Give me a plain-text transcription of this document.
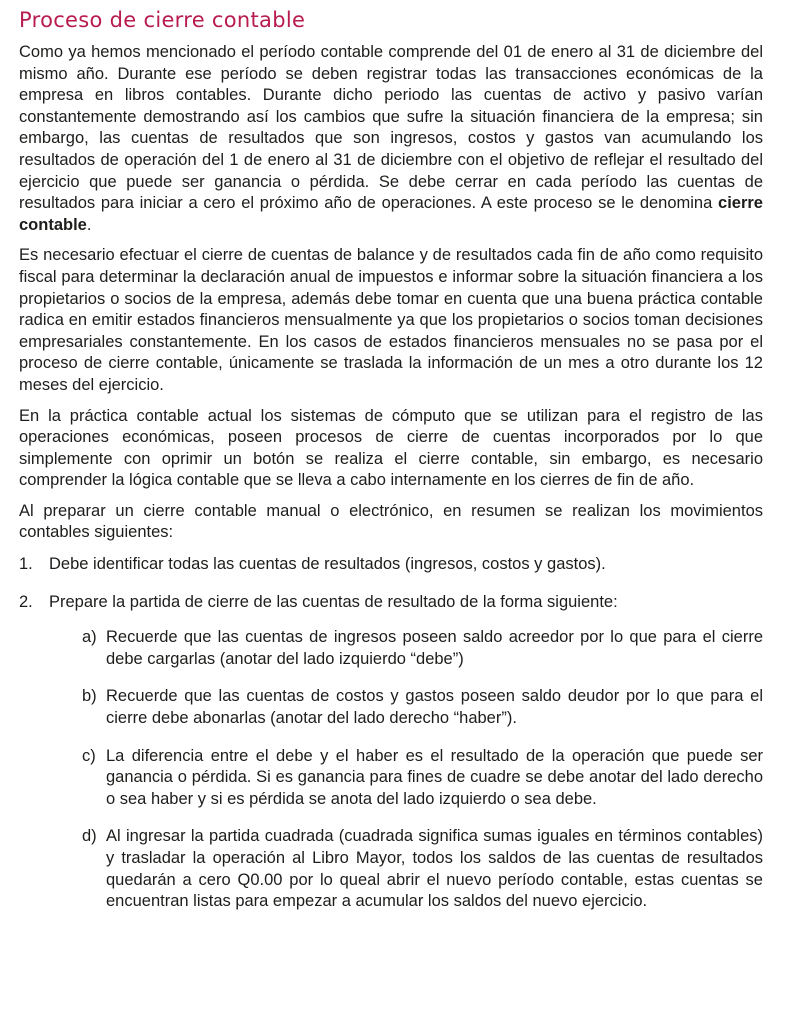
Proceso de cierre contable

Como ya hemos mencionado el período contable comprende del 01 de enero al 31 de diciembre del mismo año. Durante ese período se deben registrar todas las transacciones económicas de la empresa en libros contables. Durante dicho periodo las cuentas de activo y pasivo varían constantemente demostrando así los cambios que sufre la situación financiera de la empresa; sin embargo, las cuentas de resultados que son ingresos, costos y gastos van acumulando los resultados de operación del 1 de enero al 31 de diciembre con el objetivo de reflejar el resultado del ejercicio que puede ser ganancia o pérdida. Se debe cerrar en cada período las cuentas de resultados para iniciar a cero el próximo año de operaciones. A este proceso se le denomina cierre contable.

Es necesario efectuar el cierre de cuentas de balance y de resultados cada fin de año como requisito fiscal para determinar la declaración anual de impuestos e informar sobre la situación financiera a los propietarios o socios de la empresa, además debe tomar en cuenta que una buena práctica contable radica en emitir estados financieros mensualmente ya que los propietarios o socios toman decisiones empresariales constantemente. En los casos de estados financieros mensuales no se pasa por el proceso de cierre contable, únicamente se traslada la información de un mes a otro durante los 12 meses del ejercicio.

En la práctica contable actual los sistemas de cómputo que se utilizan para el registro de las operaciones económicas, poseen procesos de cierre de cuentas incorporados por lo que simplemente con oprimir un botón se realiza el cierre contable, sin embargo, es necesario comprender la lógica contable que se lleva a cabo internamente en los cierres de fin de año.

Al preparar un cierre contable manual o electrónico, en resumen se realizan los movimientos contables siguientes:

1. Debe identificar todas las cuentas de resultados (ingresos, costos y gastos).
2. Prepare la partida de cierre de las cuentas de resultado de la forma siguiente:
a) Recuerde que las cuentas de ingresos poseen saldo acreedor por lo que para el cierre debe cargarlas (anotar del lado izquierdo “debe”)
b) Recuerde que las cuentas de costos y gastos poseen saldo deudor por lo que para el cierre debe abonarlas (anotar del lado derecho “haber”).
c) La diferencia entre el debe y el haber es el resultado de la operación que puede ser ganancia o pérdida. Si es ganancia para fines de cuadre se debe anotar del lado derecho o sea haber y si es pérdida se anota del lado izquierdo o sea debe.
d) Al ingresar la partida cuadrada (cuadrada significa sumas iguales en términos contables) y trasladar la operación al Libro Mayor, todos los saldos de las cuentas de resultados quedarán a cero Q0.00 por lo queal abrir el nuevo período contable, estas cuentas se encuentran listas para empezar a acumular los saldos del nuevo ejercicio.
